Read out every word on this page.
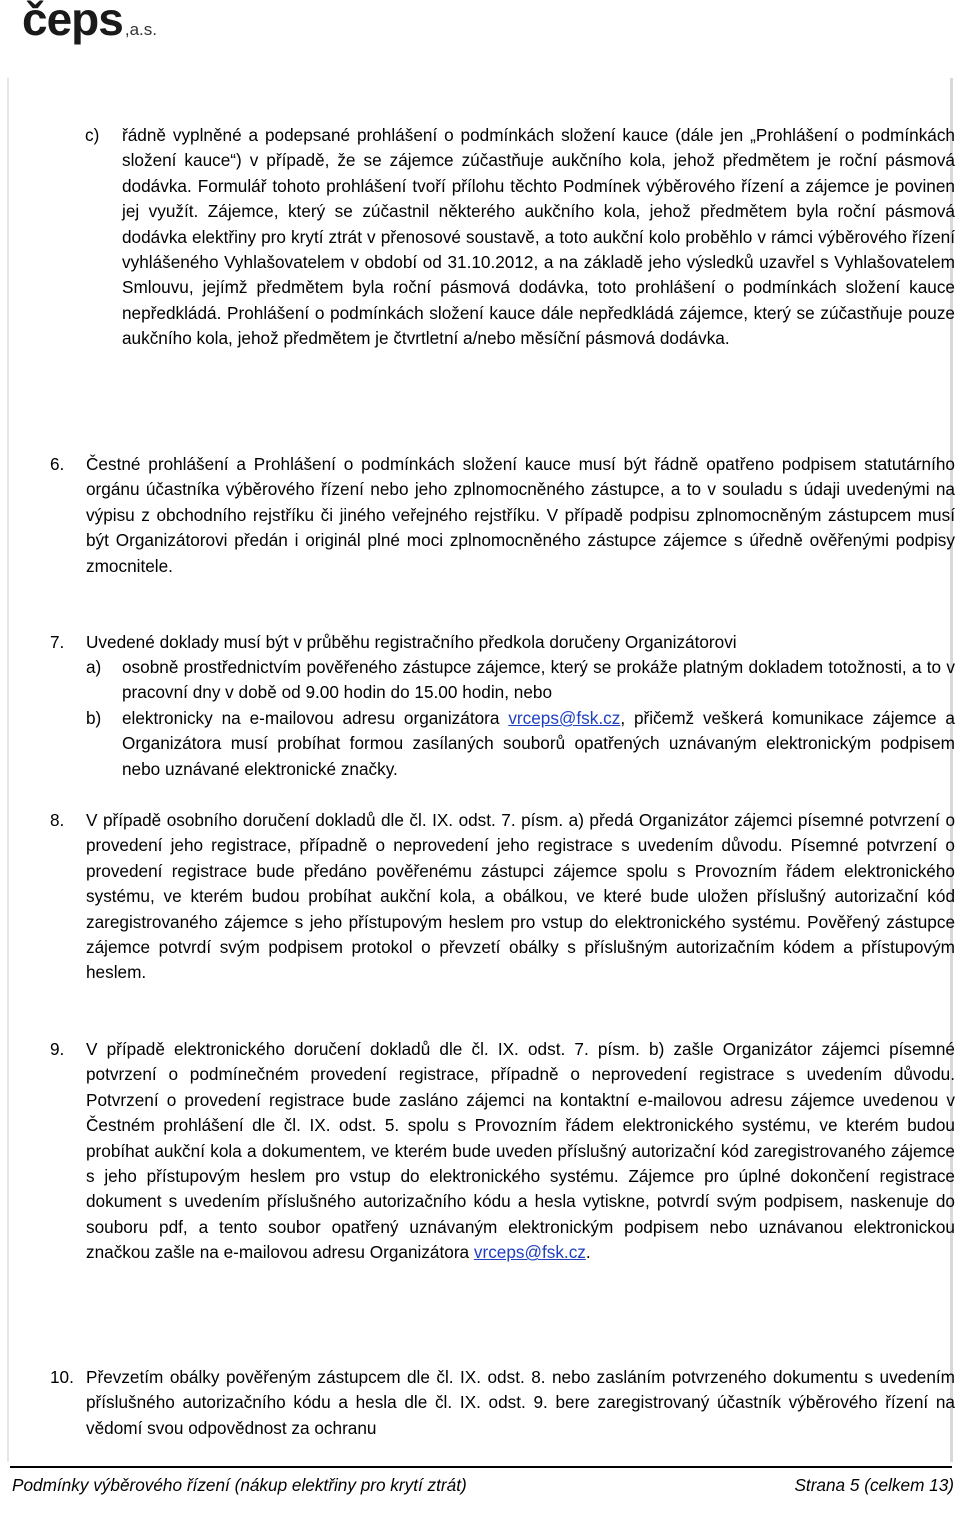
čeps ,a.s.
c) řádně vyplněné a podepsané prohlášení o podmínkách složení kauce (dále jen „Prohlášení o podmínkách složení kauce“) v případě, že se zájemce zúčastňuje aukčního kola, jehož předmětem je roční pásmová dodávka. Formulář tohoto prohlášení tvoří přílohu těchto Podmínek výběrového řízení a zájemce je povinen jej využít. Zájemce, který se zúčastnil některého aukčního kola, jehož předmětem byla roční pásmová dodávka elektřiny pro krytí ztrát v přenosové soustavě, a toto aukční kolo proběhlo v rámci výběrového řízení vyhlášeného Vyhlašovatelem v období od 31.10.2012, a na základě jeho výsledků uzavřel s Vyhlašovatelem Smlouvu, jejímž předmětem byla roční pásmová dodávka, toto prohlášení o podmínkách složení kauce nepředkládá. Prohlášení o podmínkách složení kauce dále nepředkládá zájemce, který se zúčastňuje pouze aukčního kola, jehož předmětem je čtvrtletní a/nebo měsíční pásmová dodávka.
6. Čestné prohlášení a Prohlášení o podmínkách složení kauce musí být řádně opatřeno podpisem statutárního orgánu účastníka výběrového řízení nebo jeho zplnomocněného zástupce, a to v souladu s údaji uvedenými na výpisu z obchodního rejstříku či jiného veřejného rejstříku. V případě podpisu zplnomocněným zástupcem musí být Organizátorovi předán i originál plné moci zplnomocněného zástupce zájemce s úředně ověřenými podpisy zmocnitele.
7. Uvedené doklady musí být v průběhu registračního předkola doručeny Organizátorovi
a) osobně prostřednictvím pověřeného zástupce zájemce, který se prokáže platným dokladem totožnosti, a to v pracovní dny v době od 9.00 hodin do 15.00 hodin, nebo
b) elektronicky na e-mailovou adresu organizátora vrceps@fsk.cz, přičemž veškerá komunikace zájemce a Organizátora musí probíhat formou zasílaných souborů opatřených uznávaným elektronickým podpisem nebo uznávané elektronické značky.
8. V případě osobního doručení dokladů dle čl. IX. odst. 7. písm. a) předá Organizátor zájemci písemné potvrzení o provedení jeho registrace, případně o neprovedení jeho registrace s uvedením důvodu. Písemné potvrzení o provedení registrace bude předáno pověřenému zástupci zájemce spolu s Provozním řádem elektronického systému, ve kterém budou probíhat aukční kola, a obálkou, ve které bude uložen příslušný autorizační kód zaregistrovaného zájemce s jeho přístupovým heslem pro vstup do elektronického systému. Pověřený zástupce zájemce potvrdí svým podpisem protokol o převzetí obálky s příslušným autorizačním kódem a přístupovým heslem.
9. V případě elektronického doručení dokladů dle čl. IX. odst. 7. písm. b) zašle Organizátor zájemci písemné potvrzení o podmínečném provedení registrace, případně o neprovedení registrace s uvedením důvodu. Potvrzení o provedení registrace bude zasláno zájemci na kontaktní e-mailovou adresu zájemce uvedenou v Čestném prohlášení dle čl. IX. odst. 5. spolu s Provozním řádem elektronického systému, ve kterém budou probíhat aukční kola a dokumentem, ve kterém bude uveden příslušný autorizační kód zaregistrovaného zájemce s jeho přístupovým heslem pro vstup do elektronického systému. Zájemce pro úplné dokončení registrace dokument s uvedením příslušného autorizačního kódu a hesla vytiskne, potvrdí svým podpisem, naskenuje do souboru pdf, a tento soubor opatřený uznávaným elektronickým podpisem nebo uznávanou elektronickou značkou zašle na e-mailovou adresu Organizátora vrceps@fsk.cz.
10. Převzetím obálky pověřeným zástupcem dle čl. IX. odst. 8. nebo zasláním potvrzeného dokumentu s uvedením příslušného autorizačního kódu a hesla dle čl. IX. odst. 9. bere zaregistrovaný účastník výběrového řízení na vědomí svou odpovědnost za ochranu
Podmínky výběrového řízení (nákup elektřiny pro krytí ztrát)	Strana 5 (celkem 13)
